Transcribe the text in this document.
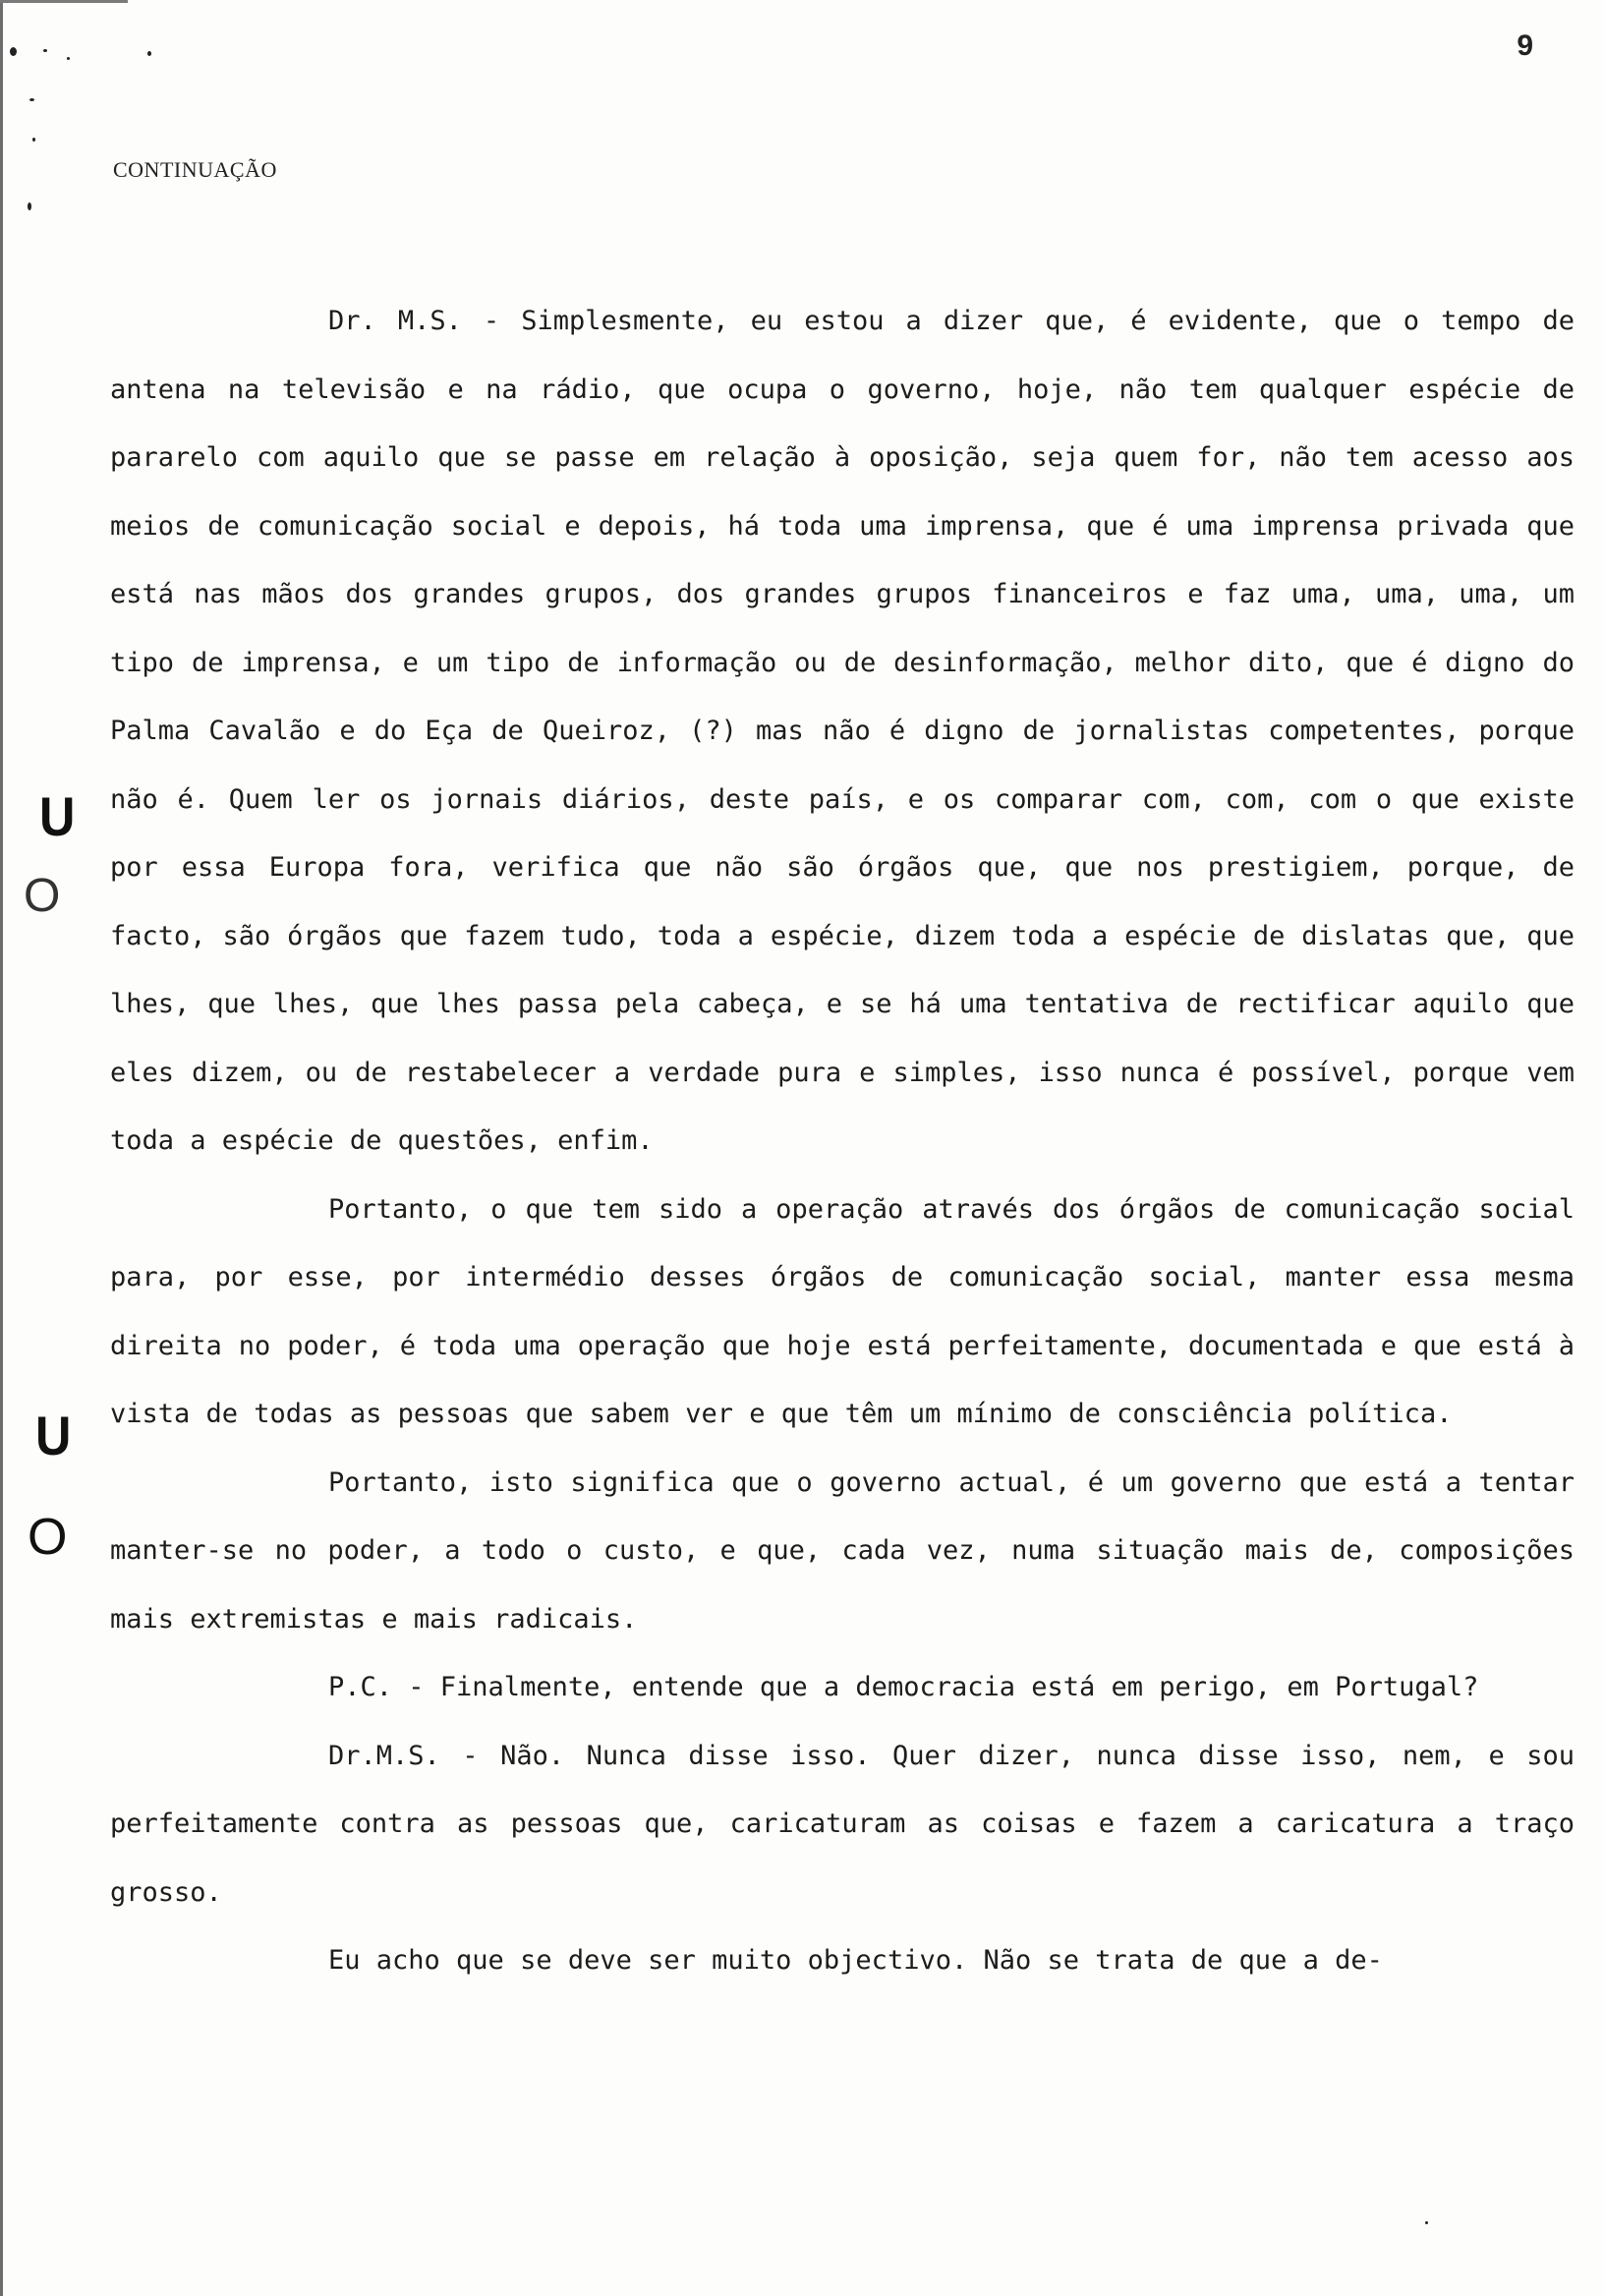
9
CONTINUAÇÃO
U
O
U
O

Dr. M.S. - Simplesmente, eu estou a dizer que, é evidente, que o tempo de antena na televisão e na rádio, que ocupa o governo, hoje, não tem qualquer espécie de pararelo com aquilo que se passe em relação à oposição, seja quem for, não tem acesso aos meios de comunicação social e depois, há toda uma imprensa, que é uma imprensa privada que está nas mãos dos grandes grupos, dos grandes grupos financeiros e faz uma, uma, uma, um tipo de imprensa, e um tipo de informação ou de desinformação, melhor dito, que é digno do Palma Cavalão e do Eça de Queiroz, (?) mas não é digno de jornalistas competentes, porque não é. Quem ler os jornais diários, deste país, e os comparar com, com, com o que existe por essa Europa fora, verifica que não são órgãos que, que nos prestigiem, porque, de facto, são órgãos que fazem tudo, toda a espécie, dizem toda a espécie de dislatas que, que lhes, que lhes, que lhes passa pela cabeça, e se há uma tentativa de rectificar aquilo que eles dizem, ou de restabelecer a verdade pura e simples, isso nunca é possível, porque vem toda a espécie de questões, enfim.

Portanto, o que tem sido a operação através dos órgãos de comunicação social para, por esse, por intermédio desses órgãos de comunicação social, manter essa mesma direita no poder, é toda uma operação que hoje está perfeitamente, documentada e que está à vista de todas as pessoas que sabem ver e que têm um mínimo de consciência política.

Portanto, isto significa que o governo actual, é um governo que está a tentar manter-se no poder, a todo o custo, e que, cada vez, numa situação mais de, composições mais extremistas e mais radicais.

P.C. - Finalmente, entende que a democracia está em perigo, em Portugal?

Dr.M.S. - Não. Nunca disse isso. Quer dizer, nunca disse isso, nem, e sou perfeitamente contra as pessoas que, caricaturam as coisas e fazem a caricatura a traço grosso.

Eu acho que se deve ser muito objectivo. Não se trata de que a de-
